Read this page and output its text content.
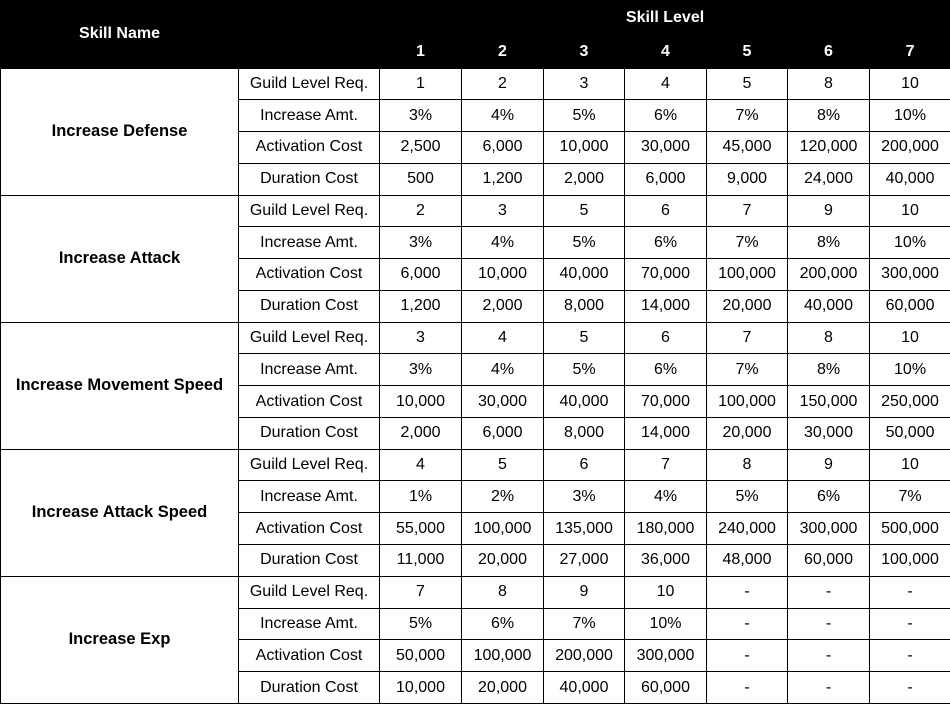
Skill Name		Skill Level						
		1	2	3	4	5	6	7
Increase Defense	Guild Level Req.	1	2	3	4	5	8	10
	Increase Amt.	3%	4%	5%	6%	7%	8%	10%
	Activation Cost	2,500	6,000	10,000	30,000	45,000	120,000	200,000
	Duration Cost	500	1,200	2,000	6,000	9,000	24,000	40,000
Increase Attack	Guild Level Req.	2	3	5	6	7	9	10
	Increase Amt.	3%	4%	5%	6%	7%	8%	10%
	Activation Cost	6,000	10,000	40,000	70,000	100,000	200,000	300,000
	Duration Cost	1,200	2,000	8,000	14,000	20,000	40,000	60,000
Increase Movement Speed	Guild Level Req.	3	4	5	6	7	8	10
	Increase Amt.	3%	4%	5%	6%	7%	8%	10%
	Activation Cost	10,000	30,000	40,000	70,000	100,000	150,000	250,000
	Duration Cost	2,000	6,000	8,000	14,000	20,000	30,000	50,000
Increase Attack Speed	Guild Level Req.	4	5	6	7	8	9	10
	Increase Amt.	1%	2%	3%	4%	5%	6%	7%
	Activation Cost	55,000	100,000	135,000	180,000	240,000	300,000	500,000
	Duration Cost	11,000	20,000	27,000	36,000	48,000	60,000	100,000
Increase Exp	Guild Level Req.	7	8	9	10	-	-	-
	Increase Amt.	5%	6%	7%	10%	-	-	-
	Activation Cost	50,000	100,000	200,000	300,000	-	-	-
	Duration Cost	10,000	20,000	40,000	60,000	-	-	-
